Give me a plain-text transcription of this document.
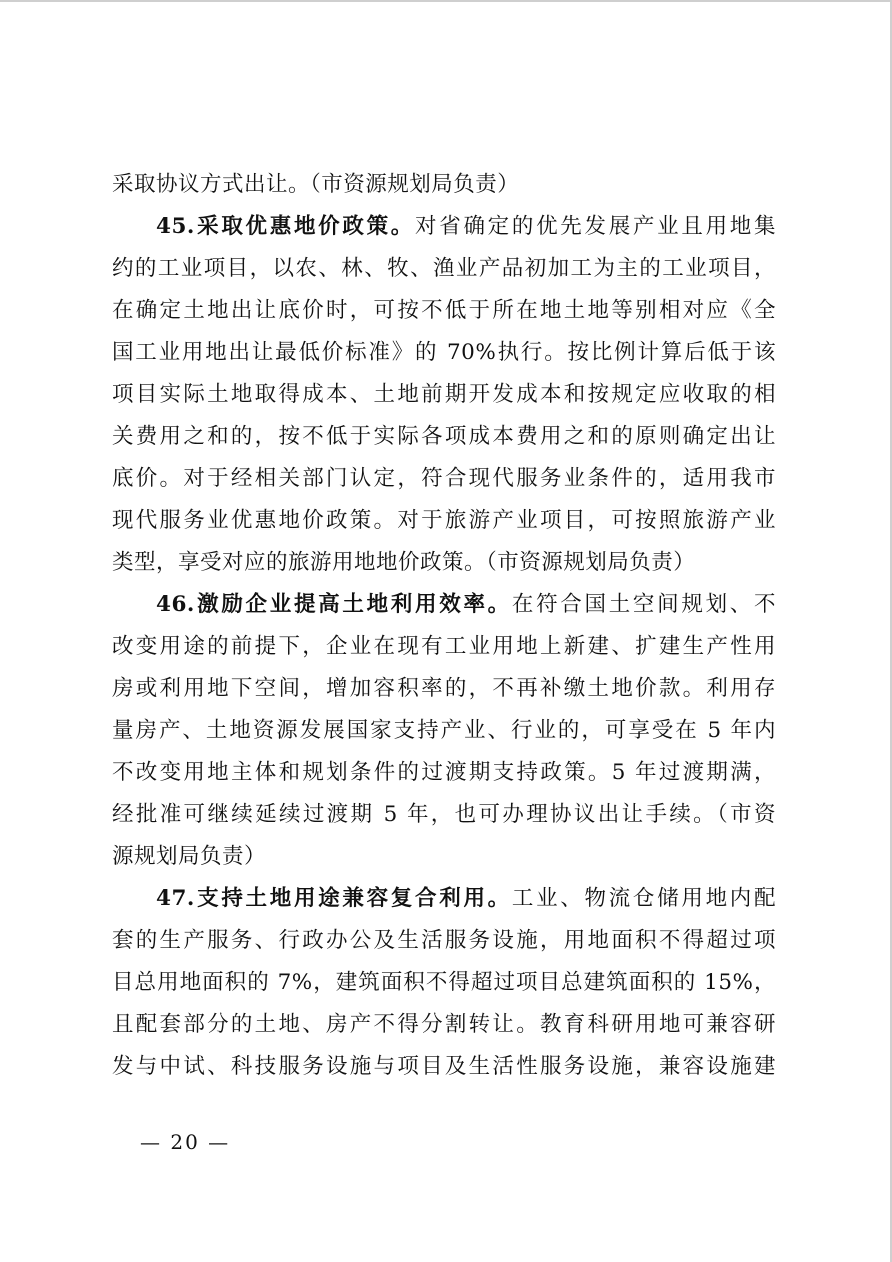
采取协议方式出让。（市资源规划局负责）
45.采取优惠地价政策。对省确定的优先发展产业且用地集
约的工业项目，以农、林、牧、渔业产品初加工为主的工业项目，
在确定土地出让底价时，可按不低于所在地土地等别相对应《全
国工业用地出让最低价标准》的 70%执行。按比例计算后低于该
项目实际土地取得成本、土地前期开发成本和按规定应收取的相
关费用之和的，按不低于实际各项成本费用之和的原则确定出让
底价。对于经相关部门认定，符合现代服务业条件的，适用我市
现代服务业优惠地价政策。对于旅游产业项目，可按照旅游产业
类型，享受对应的旅游用地地价政策。（市资源规划局负责）
46.激励企业提高土地利用效率。在符合国土空间规划、不
改变用途的前提下，企业在现有工业用地上新建、扩建生产性用
房或利用地下空间，增加容积率的，不再补缴土地价款。利用存
量房产、土地资源发展国家支持产业、行业的，可享受在 5 年内
不改变用地主体和规划条件的过渡期支持政策。5 年过渡期满，
经批准可继续延续过渡期 5 年，也可办理协议出让手续。（市资
源规划局负责）
47.支持土地用途兼容复合利用。工业、物流仓储用地内配
套的生产服务、行政办公及生活服务设施，用地面积不得超过项
目总用地面积的 7%，建筑面积不得超过项目总建筑面积的 15%，
且配套部分的土地、房产不得分割转让。教育科研用地可兼容研
发与中试、科技服务设施与项目及生活性服务设施，兼容设施建
— 20 —
